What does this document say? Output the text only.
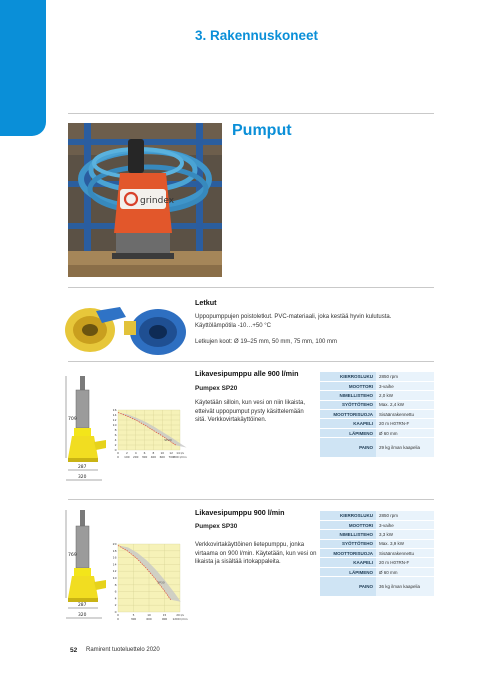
3. Rakennuskoneet
grindex
Pumput
Letkut
Uppopumppujen poistoletkut. PVC-materiaali, joka kestää hyvin kulutusta. Käyttölämpötila -10…+50 °C
Letkujen koot: Ø 19–25 mm, 50 mm, 75 mm, 100 mm
709
287
320
16
14
12
10
8
6
4
2
0
0
0
2
100
4
200
6
300
8
400
10
600
12
700
14 l/s
800 l/min
SP20
Likavesipumppu alle 900 l/min
Pumpex SP20
Käytetään silloin, kun vesi on niin likaista, etteivät uppopumput pysty käsittelemään sitä. Verkkovirtakäyttöinen.
KIERROSLUKU	2850 rpm
MOOTTORI	3-vaihe
NIMELLISTEHO	2,0 kW
SYÖTTÖTEHO	Max. 2,4 kW
MOOTTORISUOJA	Sisäänrakennettu
KAAPELI	20 m H07RN-F
LÄPIMENO	Ø 60 mm
PAINO	29 kg ilman kaapelia
769
287
320
20
18
16
14
12
10
8
6
4
2
0
0
0
5
300
10
600
15
900
20 l/s
1200 l/min
SP30
Likavesipumppu 900 l/min
Pumpex SP30
Verkkovirtakäyttöinen lietepumppu, jonka virtaama on 900 l/min. Käytetään, kun vesi on likaista ja sisältää irtokappaleita.
KIERROSLUKU	2850 rpm
MOOTTORI	3-vaihe
NIMELLISTEHO	3,3 kW
SYÖTTÖTEHO	Max. 3,9 kW
MOOTTORISUOJA	Sisäänrakennettu
KAAPELI	20 m H07RN-F
LÄPIMENO	Ø 60 mm
PAINO	36 kg ilman kaapelia
52 Ramirent tuoteluettelo 2020
